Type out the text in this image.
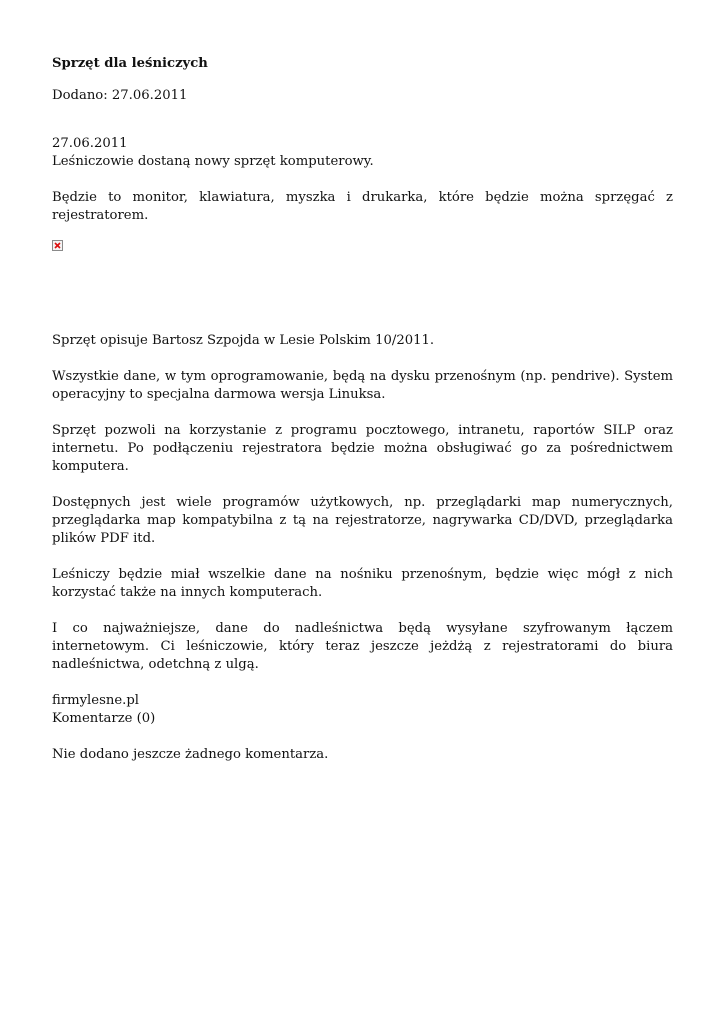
Sprzęt dla leśniczych
Dodano: 27.06.2011
27.06.2011
Leśniczowie dostaną nowy sprzęt komputerowy.
Będzie to monitor, klawiatura, myszka i drukarka, które będzie można sprzęgać z rejestratorem.
Sprzęt opisuje Bartosz Szpojda w Lesie Polskim 10/2011.
Wszystkie dane, w tym oprogramowanie, będą na dysku przenośnym (np. pendrive). System operacyjny to specjalna darmowa wersja Linuksa.
Sprzęt pozwoli na korzystanie z programu pocztowego, intranetu, raportów SILP oraz internetu. Po podłączeniu rejestratora będzie można obsługiwać go za pośrednictwem komputera.
Dostępnych jest wiele programów użytkowych, np. przeglądarki map numerycznych, przeglądarka map kompatybilna z tą na rejestratorze, nagrywarka CD/DVD, przeglądarka plików PDF itd.
Leśniczy będzie miał wszelkie dane na nośniku przenośnym, będzie więc mógł z nich korzystać także na innych komputerach.
I co najważniejsze, dane do nadleśnictwa będą wysyłane szyfrowanym łączem internetowym. Ci leśniczowie, który teraz jeszcze jeżdżą z rejestratorami do biura nadleśnictwa, odetchną z ulgą.
firmylesne.pl
Komentarze (0)
Nie dodano jeszcze żadnego komentarza.
